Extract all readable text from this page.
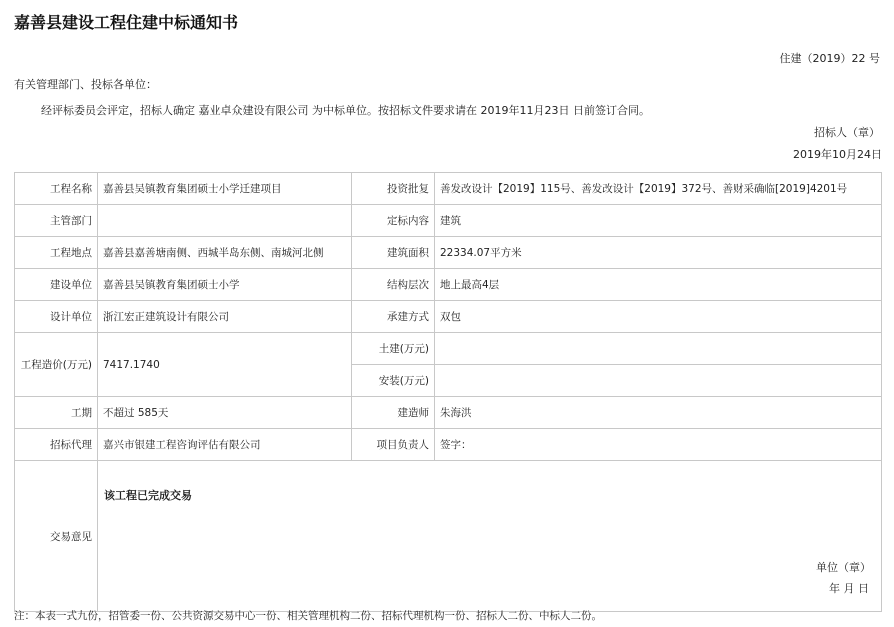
嘉善县建设工程住建中标通知书
住建（2019）22 号
有关管理部门、投标各单位：
经评标委员会评定，招标人确定 嘉业卓众建设有限公司 为中标单位。按招标文件要求请在 2019年11月23日 日前签订合同。
招标人（章）
2019年10月24日
工程名称	嘉善县吴镇教育集团硕士小学迁建项目	投资批复	善发改设计【2019】115号、善发改设计【2019】372号、善财采确临[2019]4201号
主管部门		定标内容	建筑
工程地点	嘉善县嘉善塘南侧、西城半岛东侧、南城河北侧	建筑面积	22334.07平方米
建设单位	嘉善县吴镇教育集团硕士小学	结构层次	地上最高4层
设计单位	浙江宏正建筑设计有限公司	承建方式	双包
工程造价(万元)	7417.1740	土建(万元)	
		安装(万元)	
工期	不超过 585天	建造师	朱海洪
招标代理	嘉兴市银建工程咨询评估有限公司	项目负责人	签字：
交易意见	该工程已完成交易
单位（章）
年 月 日		
注：本表一式九份，招管委一份、公共资源交易中心一份、相关管理机构二份、招标代理机构一份、招标人二份、中标人二份。
